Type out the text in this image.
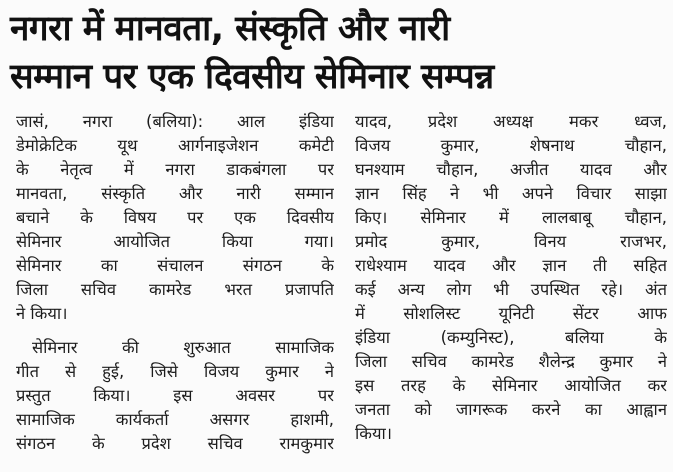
नगरा में मानवता, संस्कृति और नारी
सम्मान पर एक दिवसीय सेमिनार सम्पन्न
जासं, नगरा (बलिया): आल इंडिया
डेमोक्रेटिक यूथ आर्गनाइजेशन कमेटी
के नेतृत्व में नगरा डाकबंगला पर
मानवता, संस्कृति और नारी सम्मान
बचाने के विषय पर एक दिवसीय
सेमिनार आयोजित किया गया।
सेमिनार का संचालन संगठन के
जिला सचिव कामरेड भरत प्रजापति
ने किया।
सेमिनार की शुरुआत सामाजिक
गीत से हुई, जिसे विजय कुमार ने
प्रस्तुत किया। इस अवसर पर
सामाजिक कार्यकर्ता असगर हाशमी,
संगठन के प्रदेश सचिव रामकुमार
यादव, प्रदेश अध्यक्ष मकर ध्वज,
विजय कुमार, शेषनाथ चौहान,
घनश्याम चौहान, अजीत यादव और
ज्ञान सिंह ने भी अपने विचार साझा
किए। सेमिनार में लालबाबू चौहान,
प्रमोद कुमार, विनय राजभर,
राधेश्याम यादव और ज्ञान ती सहित
कई अन्य लोग भी उपस्थित रहे। अंत
में सोशलिस्ट यूनिटी सेंटर आफ
इंडिया (कम्युनिस्ट), बलिया के
जिला सचिव कामरेड शैलेन्द्र कुमार ने
इस तरह के सेमिनार आयोजित कर
जनता को जागरूक करने का आह्वान
किया।
